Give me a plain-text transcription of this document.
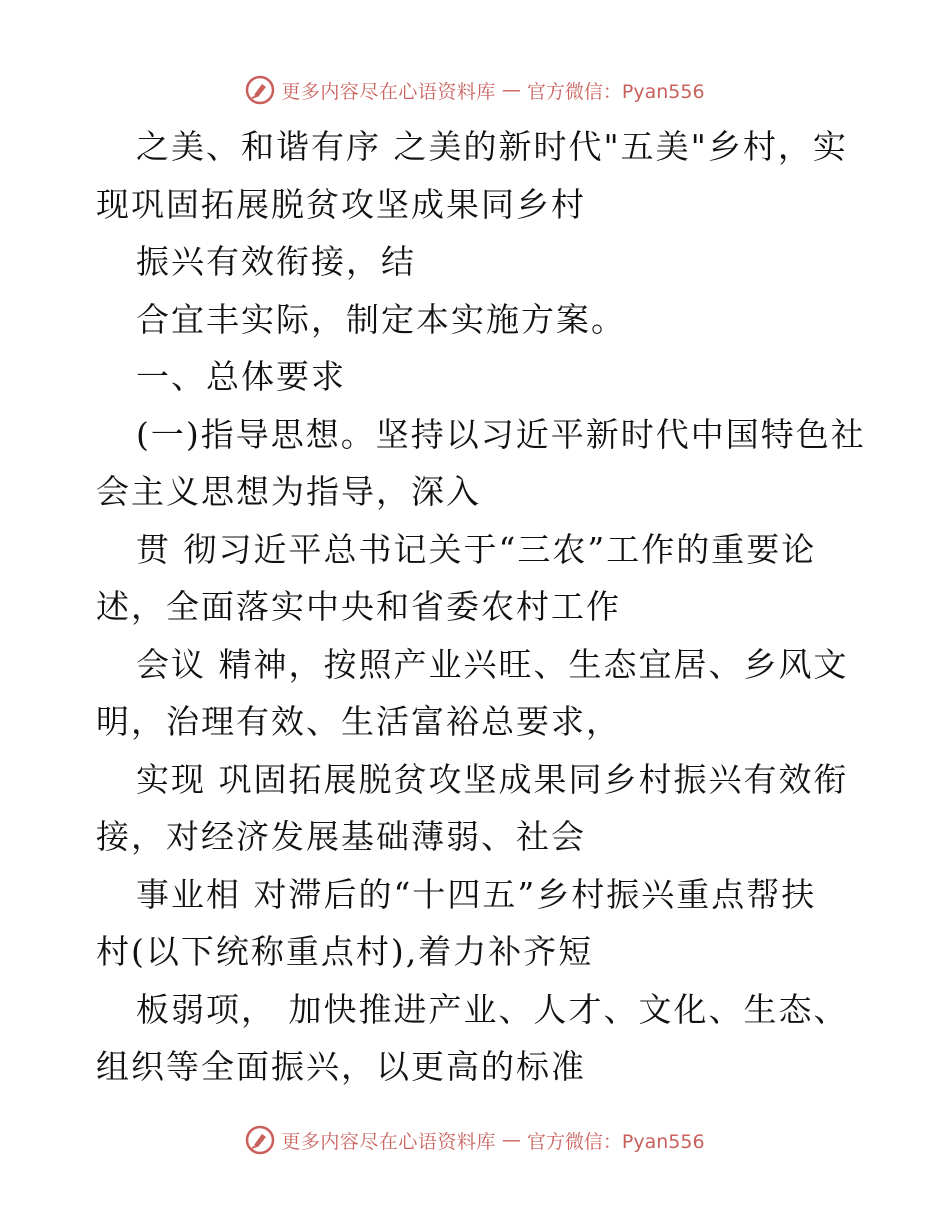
更多内容尽在心语资料库 — 官方微信：Pyan556
之美、和谐有序 之美的新时代"五美"乡村，实
现巩固拓展脱贫攻坚成果同乡村
振兴有效衔接，结
合宜丰实际，制定本实施方案。
一、总体要求
(一)指导思想。坚持以习近平新时代中国特色社
会主义思想为指导，深入
贯 彻习近平总书记关于“三农”工作的重要论
述，全面落实中央和省委农村工作
会议 精神，按照产业兴旺、生态宜居、乡风文
明，治理有效、生活富裕总要求，
实现 巩固拓展脱贫攻坚成果同乡村振兴有效衔
接，对经济发展基础薄弱、社会
事业相 对滞后的“十四五”乡村振兴重点帮扶
村(以下统称重点村),着力补齐短
板弱项， 加快推进产业、人才、文化、生态、
组织等全面振兴，以更高的标准
更多内容尽在心语资料库 — 官方微信：Pyan556
